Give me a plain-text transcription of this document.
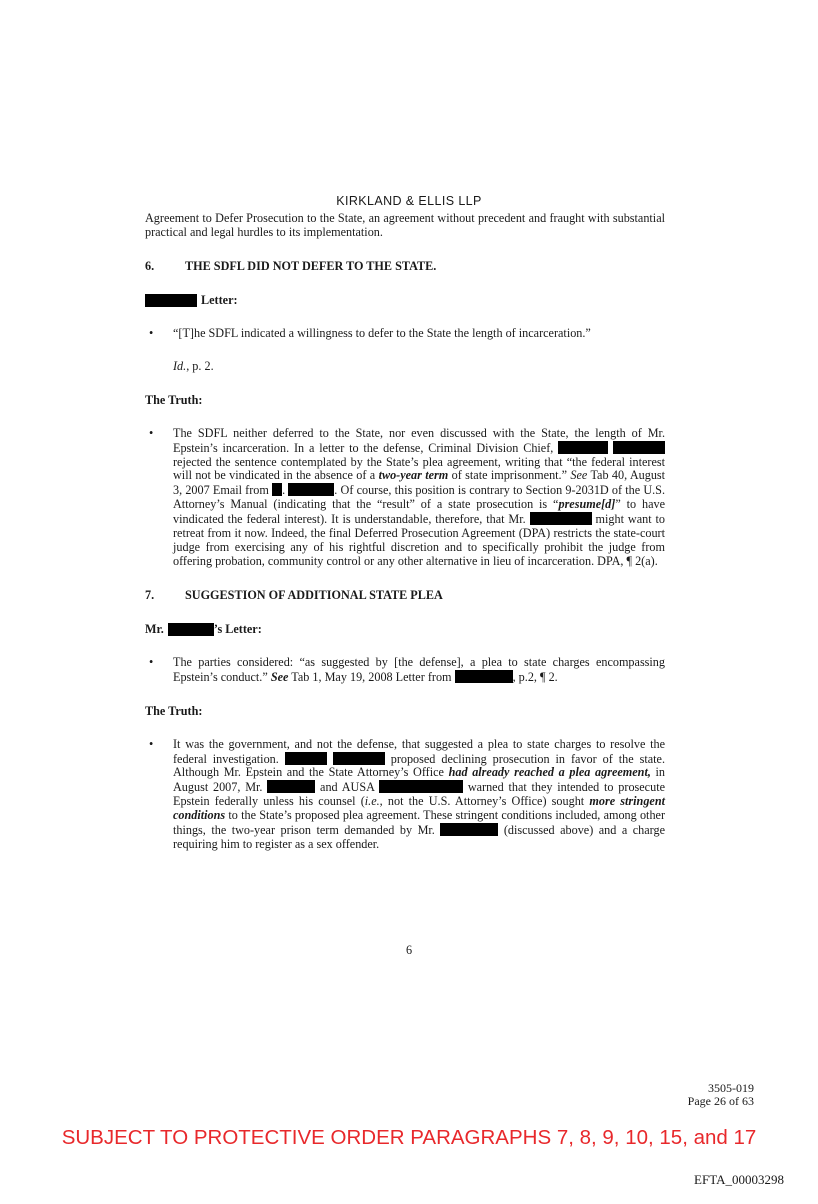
KIRKLAND & ELLIS LLP

Agreement to Defer Prosecution to the State, an agreement without precedent and fraught with substantial practical and legal hurdles to its implementation.

6.	THE SDFL DID NOT DEFER TO THE STATE.
Letter:
•	“[T]he SDFL indicated a willingness to defer to the State the length of incarceration.”

Id., p. 2.

The Truth:
•	The SDFL neither deferred to the State, nor even discussed with the State, the length of Mr. Epstein’s incarceration. In a letter to the defense, Criminal Division Chief,   rejected the sentence contemplated by the State’s plea agreement, writing that “the federal interest will not be vindicated in the absence of a two-year term of state imprisonment.” See Tab 40, August 3, 2007 Email from .	. Of course, this position is contrary to Section 9-2031D of the U.S. Attorney’s Manual (indicating that the “result” of a state prosecution is “presume[d]” to have vindicated the federal interest). It is understandable, therefore, that Mr.	might want to retreat from it now. Indeed, the final Deferred Prosecution Agreement (DPA) restricts the state-court judge from exercising any of his rightful discretion and to specifically prohibit the judge from offering probation, community control or any other alternative in lieu of incarceration. DPA, ¶ 2(a).

7.	SUGGESTION OF ADDITIONAL STATE PLEA
Mr.	’s Letter:
•	The parties considered: “as suggested by [the defense], a plea to state charges encompassing Epstein’s conduct.” See Tab 1, May 19, 2008 Letter from	, p.2, ¶ 2.

The Truth:
•	It was the government, and not the defense, that suggested a plea to state charges to resolve the federal investigation.	proposed declining prosecution in favor of the state. Although Mr. Epstein and the State Attorney’s Office had already reached a plea agreement, in August 2007, Mr.	and AUSA	warned that they intended to prosecute Epstein federally unless his counsel (i.e., not the U.S. Attorney’s Office) sought more stringent conditions to the State’s proposed plea agreement. These stringent conditions included, among other things, the two-year prison term demanded by Mr.	(discussed above) and a charge requiring him to register as a sex offender.

6
3505-019
Page 26 of 63
SUBJECT TO PROTECTIVE ORDER PARAGRAPHS 7, 8, 9, 10, 15, and 17
EFTA_00003298
